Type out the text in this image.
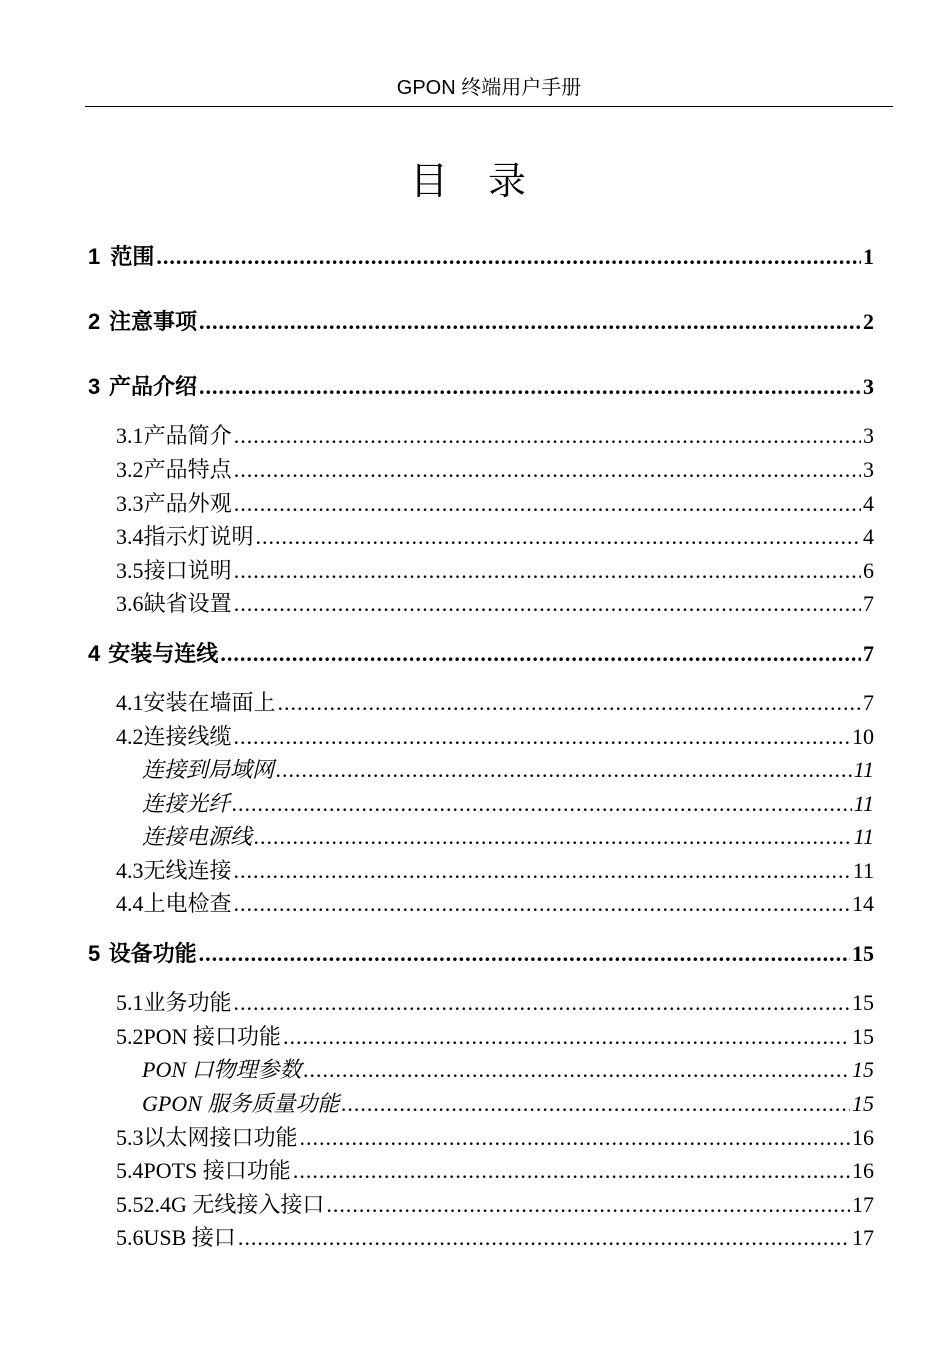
GPON 终端用户手册
目 录
1 范围 .....	1
2 注意事项 .....	2
3 产品介绍 .....	3
3.1 产品简介 .....	3
3.2 产品特点 .....	3
3.3 产品外观 .....	4
3.4 指示灯说明 .....	4
3.5 接口说明 .....	6
3.6 缺省设置 .....	7
4 安装与连线 .....	7
4.1 安装在墙面上 .....	7
4.2 连接线缆 .....	10
连接到局域网 .....	11
连接光纤 .....	11
连接电源线 .....	11
4.3 无线连接 .....	11
4.4 上电检查 .....	14
5 设备功能 .....	15
5.1 业务功能 .....	15
5.2 PON 接口功能 .....	15
PON 口物理参数 .....	15
GPON 服务质量功能 .....	15
5.3 以太网接口功能 .....	16
5.4 POTS 接口功能 .....	16
5.5 2.4G 无线接入接口 .....	17
5.6 USB 接口 .....	17
